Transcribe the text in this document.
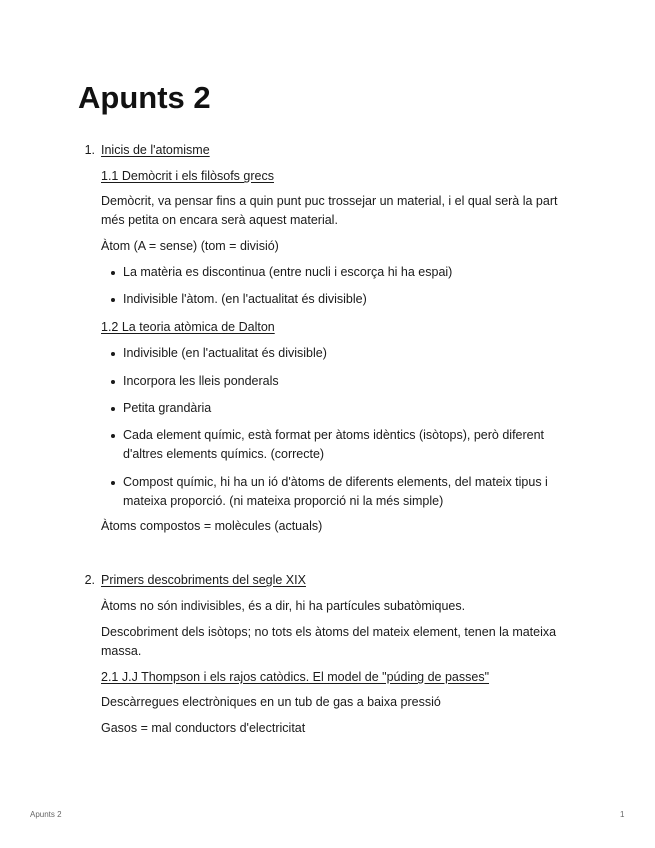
Apunts 2
1. Inicis de l'atomisme
1.1 Demòcrit i els filòsofs grecs
Demòcrit, va pensar fins a quin punt puc trossejar un material, i el qual serà la part
més petita on encara serà aquest material.
Àtom (A = sense) (tom = divisió)
La matèria es discontinua (entre nucli i escorça hi ha espai)
Indivisible l'àtom. (en l'actualitat és divisible)
1.2 La teoria atòmica de Dalton
Indivisible (en l'actualitat és divisible)
Incorpora les lleis ponderals
Petita grandària
Cada element químic, està format per àtoms idèntics (isòtops), però diferent
d'altres elements químics. (correcte)
Compost químic, hi ha un ió d'àtoms de diferents elements, del mateix tipus i
mateixa proporció. (ni mateixa proporció ni la més simple)
Àtoms compostos = molècules (actuals)
2. Primers descobriments del segle XIX
Àtoms no són indivisibles, és a dir, hi ha partícules subatòmiques.
Descobriment dels isòtops; no tots els àtoms del mateix element, tenen la mateixa
massa.
2.1 J.J Thompson i els rajos catòdics. El model de "púding de passes"
Descàrregues electròniques en un tub de gas a baixa pressió
Gasos = mal conductors d'electricitat
Apunts 2	1
